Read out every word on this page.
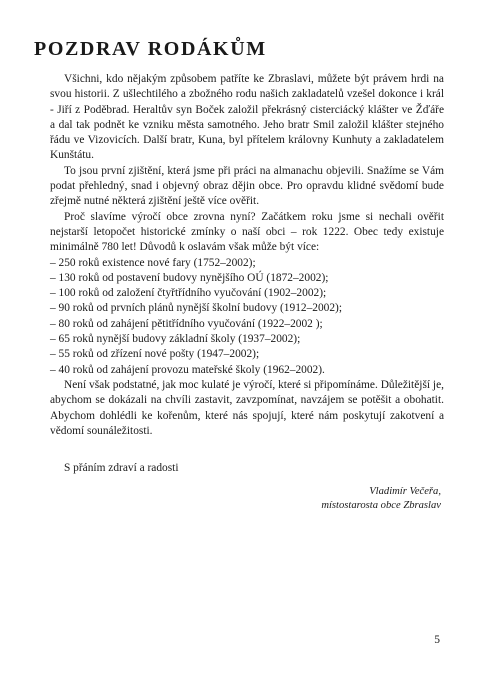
POZDRAV RODÁKŮM

Všichni, kdo nějakým způsobem patříte ke Zbraslavi, můžete být právem hrdi na svou historii. Z ušlechtilého a zbožného rodu našich zakladatelů vzešel dokonce i král - Jiří z Poděbrad. Heraltův syn Boček založil překrásný cisterciácký klášter ve Žďáře a dal tak podnět ke vzniku města samotného. Jeho bratr Smil založil klášter stejného řádu ve Vizovicích. Další bratr, Kuna, byl přítelem královny Kunhuty a zakladatelem Kunštátu.

To jsou první zjištění, která jsme při práci na almanachu objevili. Snažíme se Vám podat přehledný, snad i objevný obraz dějin obce. Pro opravdu klidné svědomí bude zřejmě nutné některá zjištění ještě více ověřit.

Proč slavíme výročí obce zrovna nyní? Začátkem roku jsme si nechali ověřit nejstarší letopočet historické zmínky o naší obci – rok 1222. Obec tedy existuje minimálně 780 let! Důvodů k oslavám však může být více:

– 250 roků existence nové fary (1752–2002);
– 130 roků od postavení budovy nynějšího OÚ (1872–2002);
– 100 roků od založení čtyřtřídního vyučování (1902–2002);
– 90 roků od prvních plánů nynější školní budovy (1912–2002);
– 80 roků od zahájení pětitřídního vyučování (1922–2002 );
– 65 roků nynější budovy základní školy (1937–2002);
– 55 roků od zřízení nové pošty (1947–2002);
– 40 roků od zahájení provozu mateřské školy (1962–2002).

Není však podstatné, jak moc kulaté je výročí, které si připomínáme. Důležitější je, abychom se dokázali na chvíli zastavit, zavzpomínat, navzájem se potěšit a obohatit. Abychom dohlédli ke kořenům, které nás spojují, které nám poskytují zakotvení a vědomí sounáležitosti.

S přáním zdraví a radosti
Vladimír Večeřa,
místostarosta obce Zbraslav
5
